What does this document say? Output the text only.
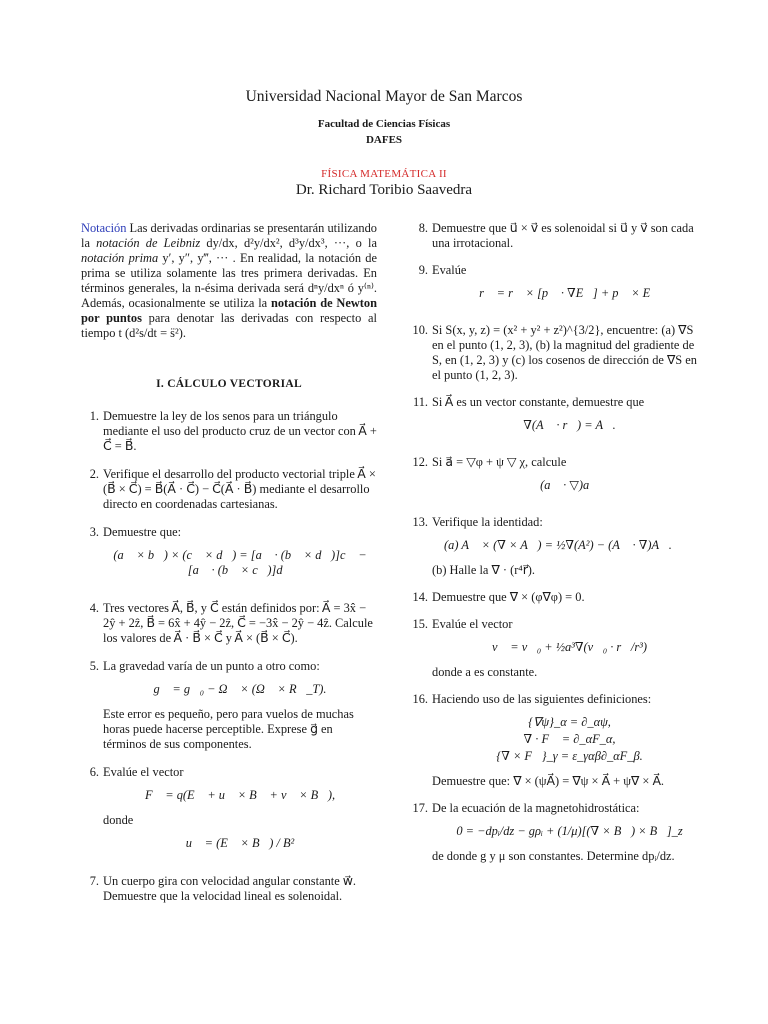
Universidad Nacional Mayor de San Marcos
Facultad de Ciencias Físicas
DAFES
FÍSICA MATEMÁTICA II
Dr. Richard Toribio Saavedra

Notación Las derivadas ordinarias se presentarán utilizando la notación de Leibniz dy/dx, d²y/dx², d³y/dx³, ···, o la notación prima y′, y″, y‴, ··· . En realidad, la notación de prima se utiliza solamente las tres primera derivadas. En términos generales, la n-ésima derivada será dⁿy/dxⁿ ó y⁽ⁿ⁾. Además, ocasionalmente se utiliza la notación de Newton por puntos para denotar las derivadas con respecto al tiempo t (d²s/dt = s̈²).

I. CÁLCULO VECTORIAL
1. Demuestre la ley de los senos para un triángulo mediante el uso del producto cruz de un vector con A⃗ + C⃗ = B⃗.

2. Verifique el desarrollo del producto vectorial triple A⃗ × (B⃗ × C⃗) = B⃗(A⃗ · C⃗) − C⃗(A⃗ · B⃗) mediante el desarrollo directo en coordenadas cartesianas.

3. Demuestre que:

(a⃗ × b⃗) × (c⃗ × d⃗) = [a⃗ · (b⃗ × d⃗)]c⃗ − [a⃗ · (b⃗ × c⃗)]d⃗
4. Tres vectores A⃗, B⃗, y C⃗ están definidos por: A⃗ = 3x̂ − 2ŷ + 2ẑ, B⃗ = 6x̂ + 4ŷ − 2ẑ, C⃗ = −3x̂ − 2ŷ − 4ẑ. Calcule los valores de A⃗ · B⃗ × C⃗ y A⃗ × (B⃗ × C⃗).

5. La gravedad varía de un punto a otro como:

g⃗ = g⃗₀ − Ω⃗ × (Ω⃗ × R⃗_T).

Este error es pequeño, pero para vuelos de muchas horas puede hacerse perceptible. Exprese g⃗ en términos de sus componentes.

6. Evalúe el vector

F⃗ = q(E⃗ + u⃗ × B⃗ + v⃗ × B⃗),

donde

u⃗ = (E⃗ × B⃗) / B²
7. Un cuerpo gira con velocidad angular constante w⃗. Demuestre que la velocidad lineal es solenoidal.

8. Demuestre que u⃗ × v⃗ es solenoidal si u⃗ y v⃗ son cada una irrotacional.

9. Evalúe

r⃗ = r⃗ × [p⃗ · ∇E⃗] + p⃗ × E⃗
10. Si S(x, y, z) = (x² + y² + z²)^{3/2}, encuentre: (a) ∇S en el punto (1, 2, 3), (b) la magnitud del gradiente de S, en (1, 2, 3) y (c) los cosenos de dirección de ∇S en el punto (1, 2, 3).

11. Si A⃗ es un vector constante, demuestre que

∇(A⃗ · r⃗) = A⃗.
12. Si a⃗ = ▽φ + ψ ▽ χ, calcule

(a⃗ · ▽)a⃗
13. Verifique la identidad:

(a) A⃗ × (∇ × A⃗) = ½∇(A²) − (A⃗ · ∇)A⃗.

(b) Halle la ∇ · (r⁴r⃗).

14. Demuestre que ∇ × (φ∇φ) = 0.

15. Evalúe el vector

v⃗ = v⃗₀ + ½a³∇(v⃗₀ · r⃗/r³)

donde a es constante.

16. Haciendo uso de las siguientes definiciones:

{∇ψ}_α = ∂_αψ,
∇ · F⃗ = ∂_αF_α,
{∇ × F⃗}_γ = ε_γαβ∂_αF_β.

Demuestre que: ∇ × (ψA⃗) = ∇ψ × A⃗ + ψ∇ × A⃗.

17. De la ecuación de la magnetohidrostática:

0 = −dpᵢ/dz − gρᵢ + (1/μ)[(∇ × B⃗) × B⃗]_z

de donde g y μ son constantes. Determine dpᵢ/dz.
